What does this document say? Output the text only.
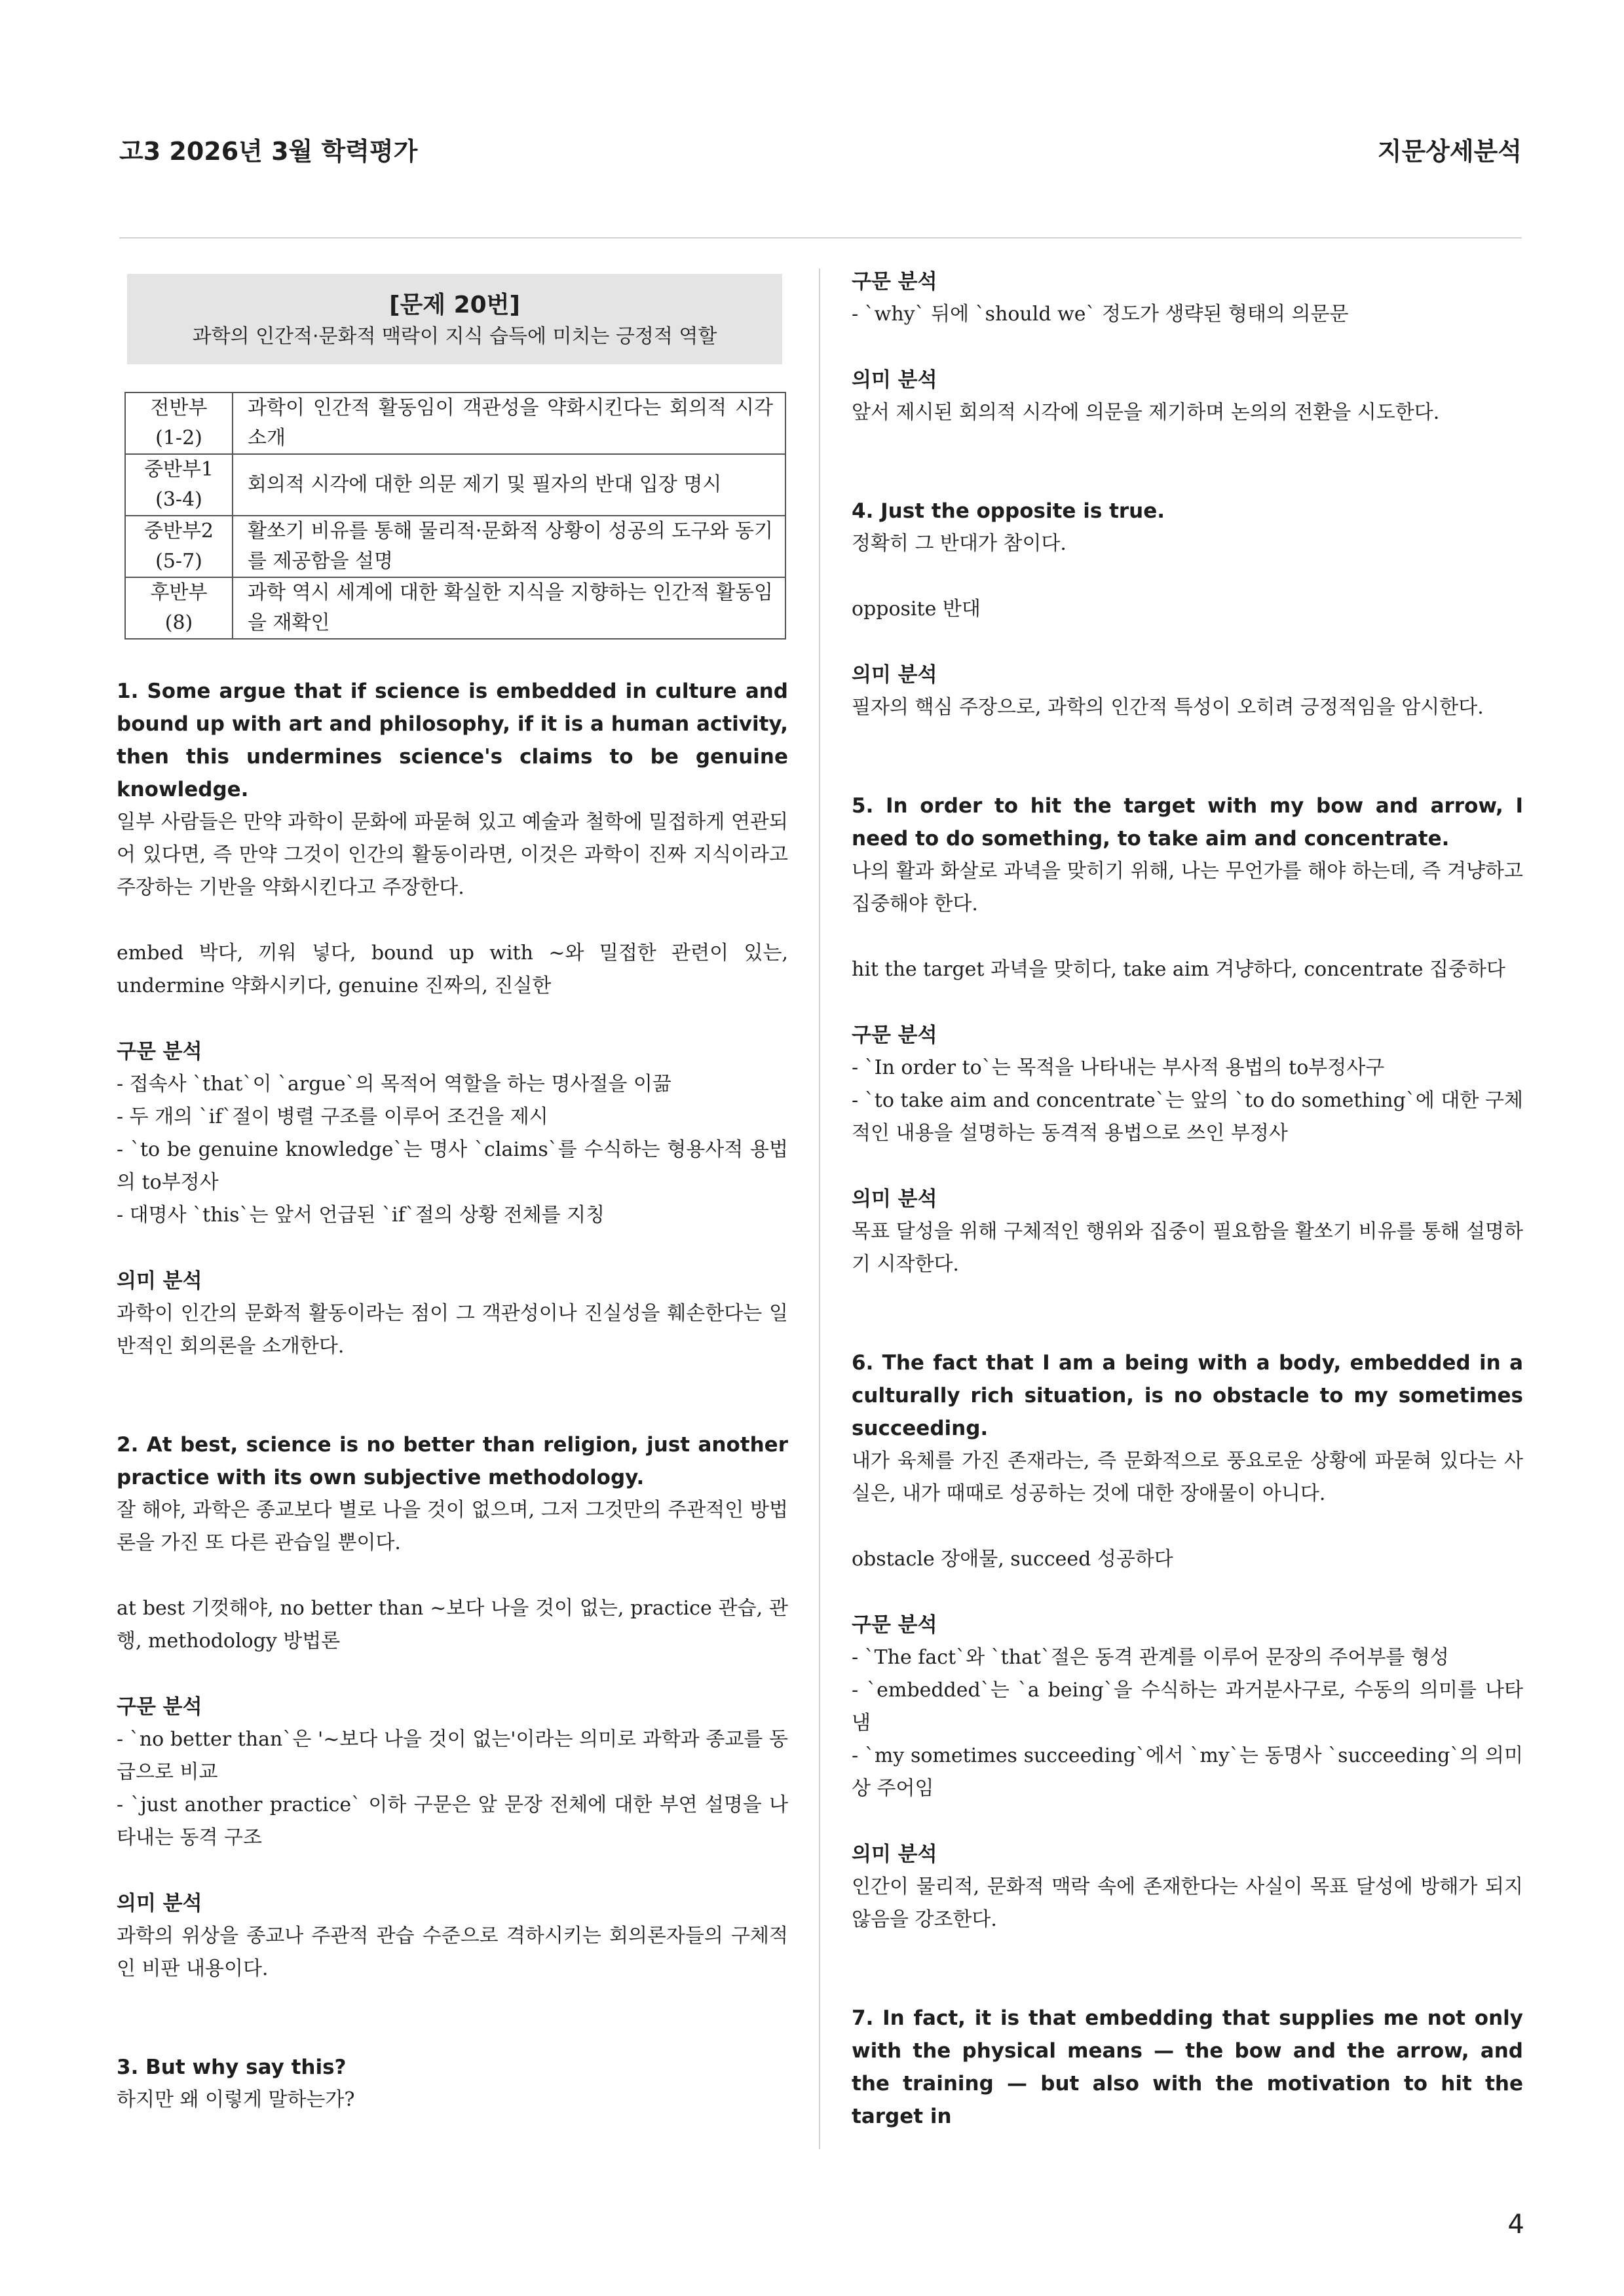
고3 2026년 3월 학력평가	지문상세분석
[문제 20번]
과학의 인간적·문화적 맥락이 지식 습득에 미치는 긍정적 역할
전반부
(1-2)	과학이 인간적 활동임이 객관성을 약화시킨다는 회의적 시각 소개
중반부1
(3-4)	회의적 시각에 대한 의문 제기 및 필자의 반대 입장 명시
중반부2
(5-7)	활쏘기 비유를 통해 물리적·문화적 상황이 성공의 도구와 동기를 제공함을 설명
후반부
(8)	과학 역시 세계에 대한 확실한 지식을 지향하는 인간적 활동임을 재확인
1. Some argue that if science is embedded in culture and bound up with art and philosophy, if it is a human activity, then this undermines science's claims to be genuine knowledge.
일부 사람들은 만약 과학이 문화에 파묻혀 있고 예술과 철학에 밀접하게 연관되어 있다면, 즉 만약 그것이 인간의 활동이라면, 이것은 과학이 진짜 지식이라고 주장하는 기반을 약화시킨다고 주장한다.
embed 박다, 끼워 넣다, bound up with ~와 밀접한 관련이 있는, undermine 약화시키다, genuine 진짜의, 진실한
구문 분석
- 접속사 `that`이 `argue`의 목적어 역할을 하는 명사절을 이끎
- 두 개의 `if`절이 병렬 구조를 이루어 조건을 제시
- `to be genuine knowledge`는 명사 `claims`를 수식하는 형용사적 용법의 to부정사
- 대명사 `this`는 앞서 언급된 `if`절의 상황 전체를 지칭
의미 분석
과학이 인간의 문화적 활동이라는 점이 그 객관성이나 진실성을 훼손한다는 일반적인 회의론을 소개한다.
2. At best, science is no better than religion, just another practice with its own subjective methodology.
잘 해야, 과학은 종교보다 별로 나을 것이 없으며, 그저 그것만의 주관적인 방법론을 가진 또 다른 관습일 뿐이다.
at best 기껏해야, no better than ~보다 나을 것이 없는, practice 관습, 관행, methodology 방법론
구문 분석
- `no better than`은 '~보다 나을 것이 없는'이라는 의미로 과학과 종교를 동급으로 비교
- `just another practice` 이하 구문은 앞 문장 전체에 대한 부연 설명을 나타내는 동격 구조
의미 분석
과학의 위상을 종교나 주관적 관습 수준으로 격하시키는 회의론자들의 구체적인 비판 내용이다.
3. But why say this?
하지만 왜 이렇게 말하는가?
구문 분석
- `why` 뒤에 `should we` 정도가 생략된 형태의 의문문
의미 분석
앞서 제시된 회의적 시각에 의문을 제기하며 논의의 전환을 시도한다.
4. Just the opposite is true.
정확히 그 반대가 참이다.
opposite 반대
의미 분석
필자의 핵심 주장으로, 과학의 인간적 특성이 오히려 긍정적임을 암시한다.
5. In order to hit the target with my bow and arrow, I need to do something, to take aim and concentrate.
나의 활과 화살로 과녁을 맞히기 위해, 나는 무언가를 해야 하는데, 즉 겨냥하고 집중해야 한다.
hit the target 과녁을 맞히다, take aim 겨냥하다, concentrate 집중하다
구문 분석
- `In order to`는 목적을 나타내는 부사적 용법의 to부정사구
- `to take aim and concentrate`는 앞의 `to do something`에 대한 구체적인 내용을 설명하는 동격적 용법으로 쓰인 부정사
의미 분석
목표 달성을 위해 구체적인 행위와 집중이 필요함을 활쏘기 비유를 통해 설명하기 시작한다.
6. The fact that I am a being with a body, embedded in a culturally rich situation, is no obstacle to my sometimes succeeding.
내가 육체를 가진 존재라는, 즉 문화적으로 풍요로운 상황에 파묻혀 있다는 사실은, 내가 때때로 성공하는 것에 대한 장애물이 아니다.
obstacle 장애물, succeed 성공하다
구문 분석
- `The fact`와 `that`절은 동격 관계를 이루어 문장의 주어부를 형성
- `embedded`는 `a being`을 수식하는 과거분사구로, 수동의 의미를 나타냄
- `my sometimes succeeding`에서 `my`는 동명사 `succeeding`의 의미상 주어임
의미 분석
인간이 물리적, 문화적 맥락 속에 존재한다는 사실이 목표 달성에 방해가 되지 않음을 강조한다.
7. In fact, it is that embedding that supplies me not only with the physical means — the bow and the arrow, and the training — but also with the motivation to hit the target in
4
